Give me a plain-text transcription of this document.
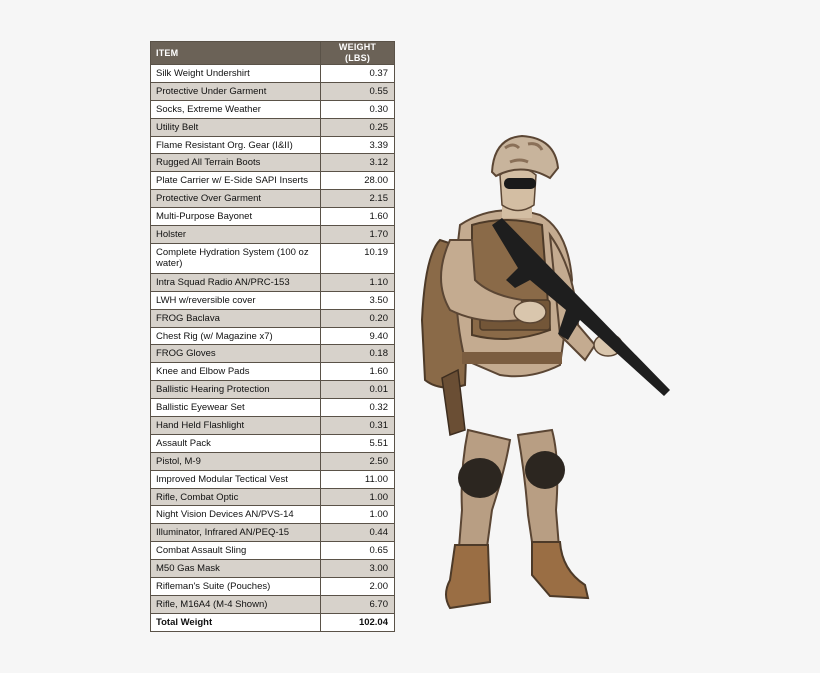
ITEM	WEIGHT (LBS)
Silk Weight Undershirt	0.37
Protective Under Garment	0.55
Socks, Extreme Weather	0.30
Utility Belt	0.25
Flame Resistant Org. Gear (I&II)	3.39
Rugged All Terrain Boots	3.12
Plate Carrier w/ E-Side SAPI Inserts	28.00
Protective Over Garment	2.15
Multi-Purpose Bayonet	1.60
Holster	1.70
Complete Hydration System (100 oz water)	10.19
Intra Squad Radio AN/PRC-153	1.10
LWH w/reversible cover	3.50
FROG Baclava	0.20
Chest Rig (w/ Magazine x7)	9.40
FROG Gloves	0.18
Knee and Elbow Pads	1.60
Ballistic Hearing Protection	0.01
Ballistic Eyewear Set	0.32
Hand Held Flashlight	0.31
Assault Pack	5.51
Pistol, M-9	2.50
Improved Modular Tectical Vest	11.00
Rifle, Combat Optic	1.00
Night Vision Devices AN/PVS-14	1.00
Illuminator, Infrared AN/PEQ-15	0.44
Combat Assault Sling	0.65
M50 Gas Mask	3.00
Rifleman's Suite (Pouches)	2.00
Rifle, M16A4 (M-4 Shown)	6.70
Total Weight	102.04
